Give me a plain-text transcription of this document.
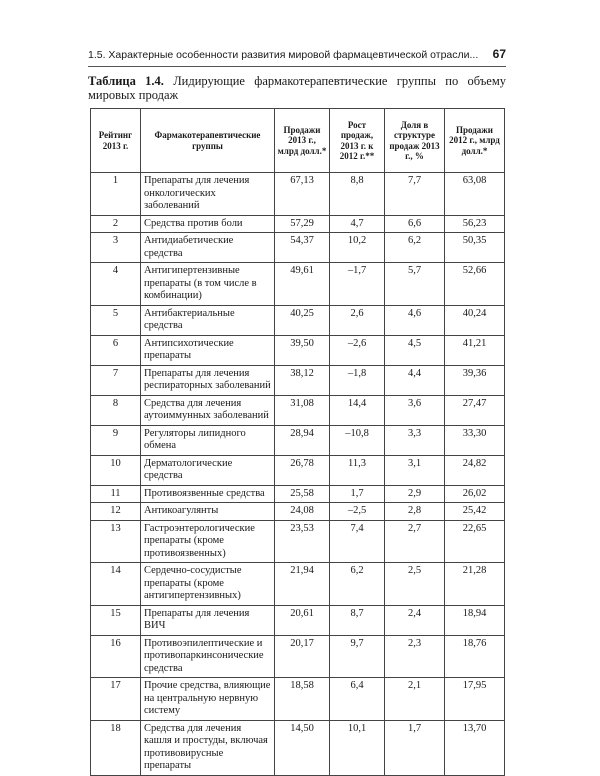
1.5. Характерные особенности развития мировой фармацевтической отрасли... 67
Таблица 1.4. Лидирующие фармакотерапевтические группы по объему мировых продаж
Рейтинг 2013 г.	Фармакотерапевтические группы	Продажи 2013 г., млрд долл.*	Рост продаж, 2013 г. к 2012 г.**	Доля в структуре продаж 2013 г., %	Продажи 2012 г., млрд долл.*
1	Препараты для лечения онкологических заболеваний	67,13	8,8	7,7	63,08
2	Средства против боли	57,29	4,7	6,6	56,23
3	Антидиабетические средства	54,37	10,2	6,2	50,35
4	Антигипертензивные препараты (в том числе в комбинации)	49,61	–1,7	5,7	52,66
5	Антибактериальные средства	40,25	2,6	4,6	40,24
6	Антипсихотические препараты	39,50	–2,6	4,5	41,21
7	Препараты для лечения респираторных заболеваний	38,12	–1,8	4,4	39,36
8	Средства для лечения аутоиммунных заболеваний	31,08	14,4	3,6	27,47
9	Регуляторы липидного обмена	28,94	–10,8	3,3	33,30
10	Дерматологические средства	26,78	11,3	3,1	24,82
11	Противоязвенные средства	25,58	1,7	2,9	26,02
12	Антикоагулянты	24,08	–2,5	2,8	25,42
13	Гастроэнтерологические препараты (кроме противоязвенных)	23,53	7,4	2,7	22,65
14	Сердечно-сосудистые препараты (кроме антигипертензивных)	21,94	6,2	2,5	21,28
15	Препараты для лечения ВИЧ	20,61	8,7	2,4	18,94
16	Противоэпилептические и противопаркинсонические средства	20,17	9,7	2,3	18,76
17	Прочие средства, влияющие на центральную нервную систему	18,58	6,4	2,1	17,95
18	Средства для лечения кашля и простуды, включая противовирусные препараты	14,50	10,1	1,7	13,70
